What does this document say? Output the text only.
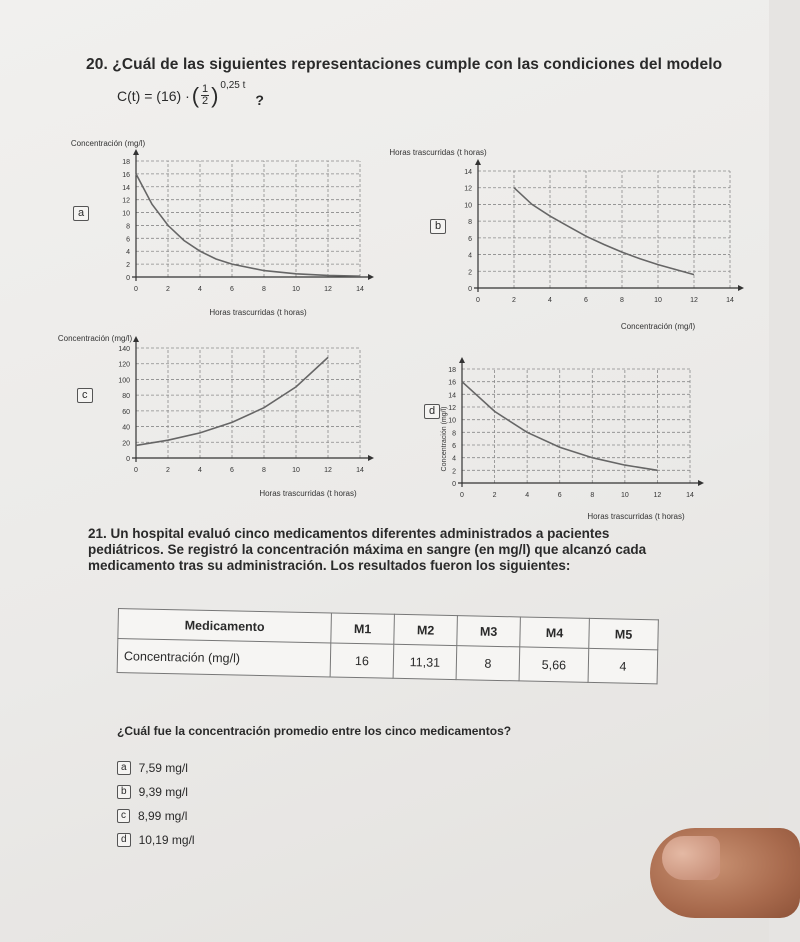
20. ¿Cuál de las siguientes representaciones cumple con las condiciones del modelo
C(t) = (16) · ( $\frac{1}{2}$ ) 0,25 t
?
a
Concentración (mg/l)
Horas trascurridas (t horas)
0
2
4
6
8
10
12
14
16
18
0	2	4	6	8	10	12	14
b
Horas trascurridas (t horas)
Concentración (mg/l)
0
2
4
6
8
10
12
14
0	2	4	6	8	10	12	14
c
Concentración (mg/l)
Horas trascurridas (t horas)
0
20
40
60
80
100
120
140
0	2	4	6	8	10	12	14
d Concentración (mg/l)
Horas trascurridas (t horas)
0
2
4
6
8
10
12
14
16
18
0	2	4	6	8	10	12	14
21. Un hospital evaluó cinco medicamentos diferentes administrados a pacientes pediátricos. Se registró la concentración máxima en sangre (en mg/l) que alcanzó cada medicamento tras su administración. Los resultados fueron los siguientes:
Medicamento	M1	M2	M3	M4	M5
Concentración (mg/l)	16	11,31	8	5,66	4
¿Cuál fue la concentración promedio entre los cinco medicamentos?
a	7,59 mg/l
b	9,39 mg/l
c	8,99 mg/l
d	10,19 mg/l
